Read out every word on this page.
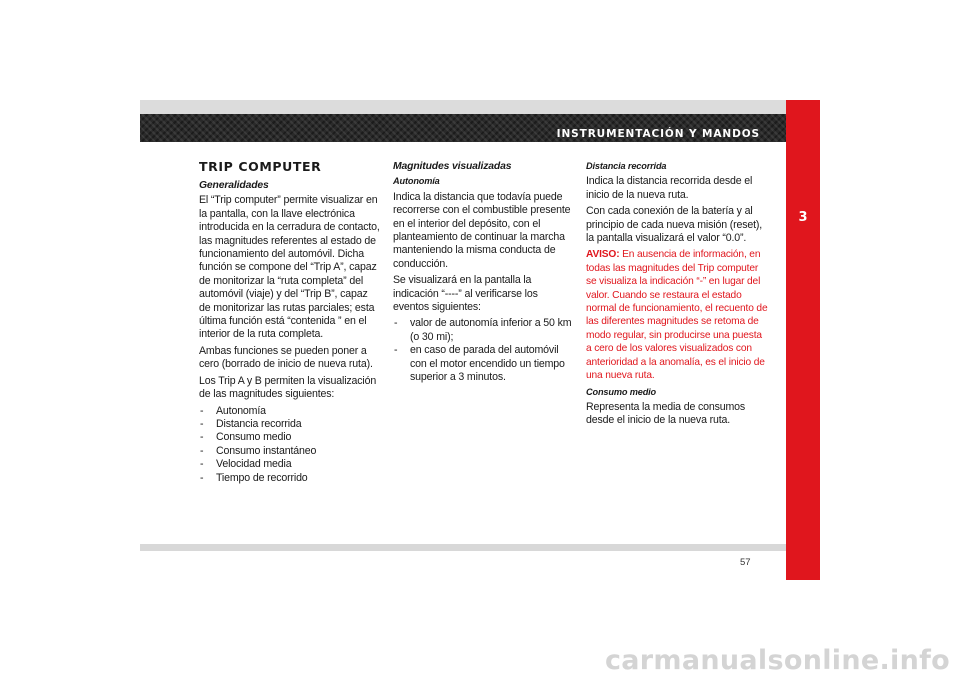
INSTRUMENTACIÓN Y MANDOS
3

TRIP COMPUTER

Generalidades

El “Trip computer” permite visualizar en la pantalla, con la llave electrónica introducida en la cerradura de contacto, las magnitudes referentes al estado de funcionamiento del automóvil. Dicha función se compone del “Trip A”, capaz de monitorizar la “ruta completa” del automóvil (viaje) y del “Trip B”, capaz de monitorizar las rutas parciales; esta última función está “contenida ” en el interior de la ruta completa.

Ambas funciones se pueden poner a cero (borrado de inicio de nueva ruta).

Los Trip A y B permiten la visualización de las magnitudes siguientes:

- Autonomía
- Distancia recorrida
- Consumo medio
- Consumo instantáneo
- Velocidad media
- Tiempo de recorrido

Magnitudes visualizadas

Autonomía

Indica la distancia que todavía puede recorrerse con el combustible presente en el interior del depósito, con el planteamiento de continuar la marcha manteniendo la misma conducta de conducción.

Se visualizará en la pantalla la indicación “----” al verificarse los eventos siguientes:

- valor de autonomía inferior a 50 km (o 30 mi);
- en caso de parada del automóvil con el motor encendido un tiempo superior a 3 minutos.

Distancia recorrida

Indica la distancia recorrida desde el inicio de la nueva ruta.

Con cada conexión de la batería y al principio de cada nueva misión (reset), la pantalla visualizará el valor “0.0”.

AVISO: En ausencia de información, en todas las magnitudes del Trip computer se visualiza la indicación “-” en lugar del valor. Cuando se restaura el estado normal de funcionamiento, el recuento de las diferentes magnitudes se retoma de modo regular, sin producirse una puesta a cero de los valores visualizados con anterioridad a la anomalía, es el inicio de una nueva ruta.

Consumo medio

Representa la media de consumos desde el inicio de la nueva ruta.

57
carmanualsonline.info
